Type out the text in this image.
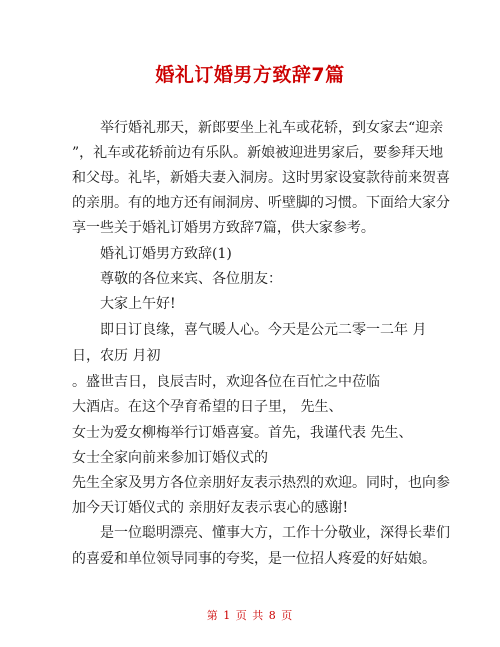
婚礼订婚男方致辞7篇
　　举行婚礼那天，新郎要坐上礼车或花轿，到女家去“迎亲
”，礼车或花轿前边有乐队。新娘被迎进男家后，要参拜天地
和父母。礼毕，新婚夫妻入洞房。这时男家设宴款待前来贺喜
的亲朋。有的地方还有闹洞房、听壁脚的习惯。下面给大家分
享一些关于婚礼订婚男方致辞7篇，供大家参考。
　　婚礼订婚男方致辞(1)
　　尊敬的各位来宾、各位朋友：
　　大家上午好!
　　即日订良缘，喜气暖人心。今天是公元二零一二年 月
日，农历 月初
。盛世吉日，良辰吉时，欢迎各位在百忙之中莅临
大酒店。在这个孕育希望的日子里， 先生、
女士为爱女柳梅举行订婚喜宴。首先，我谨代表 先生、
女士全家向前来参加订婚仪式的
先生全家及男方各位亲朋好友表示热烈的欢迎。同时，也向参
加今天订婚仪式的 亲朋好友表示衷心的感谢!
　　是一位聪明漂亮、懂事大方，工作十分敬业，深得长辈们
的喜爱和单位领导同事的夸奖，是一位招人疼爱的好姑娘。
第 1 页 共 8 页
